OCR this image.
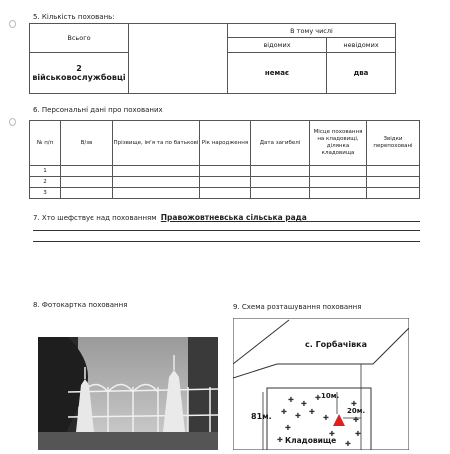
5. Кількість поховань:
Всього		В тому числі	
		відомих	невідомих

2
військовослужбовці		немає	два
6. Персональні дані про похованих
№ п/п	В/зв	Прізвище, ім'я та по батькові	Рік народження	Дата загибелі	Місце поховання на кладовищі, ділянка кладовища	Звідки перепоховані
1						
2						
3						
7. Хто шефствує над похованням Правожовтневська сільська рада
8. Фотокартка поховання	9. Схема розташування поховання
✚ ✚
✚
✚ ✚ ✚
✚
✚
✚
✚
✚
✚
✚	✚
с. Горбачівка
10м.
20м.
81м.
Кладовище
